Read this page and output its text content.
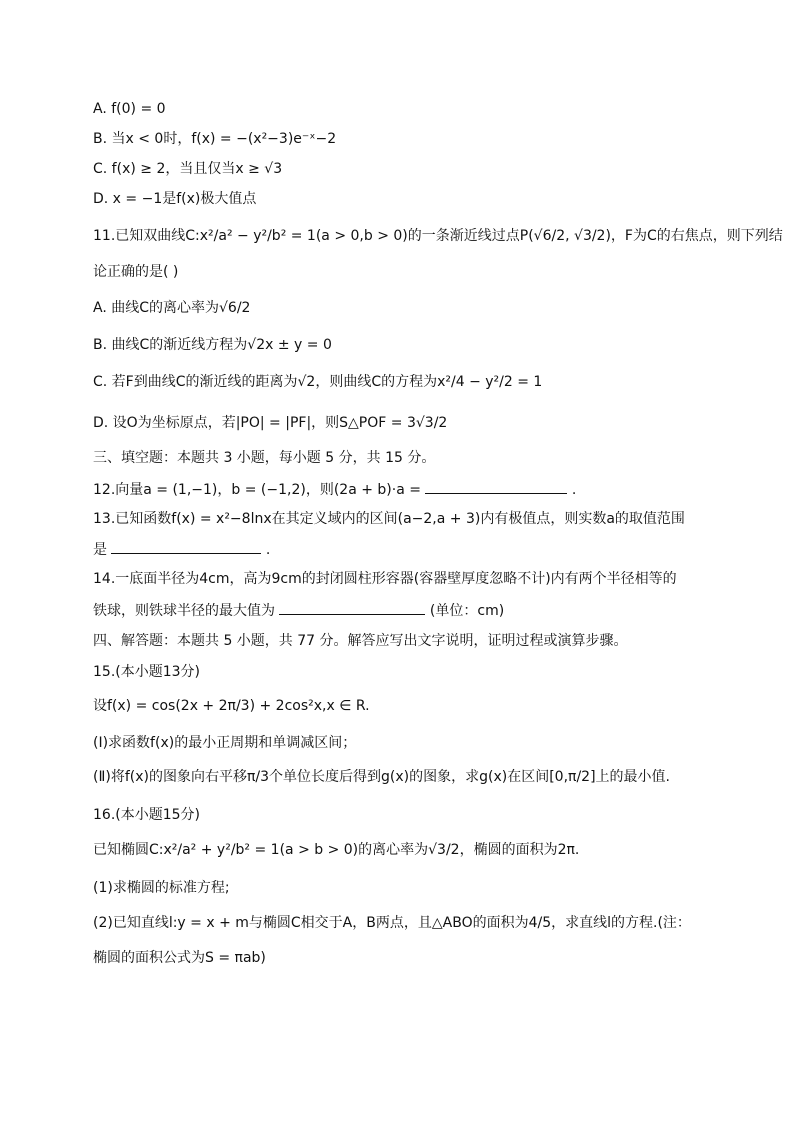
A. f(0) = 0
B. 当x < 0时，f(x) = −(x²−3)e⁻ˣ−2
C. f(x) ≥ 2，当且仅当x ≥ √3
D. x = −1是f(x)极大值点
11.已知双曲线C:x²/a² − y²/b² = 1(a > 0,b > 0)的一条渐近线过点P(√6/2, √3/2)，F为C的右焦点，则下列结
论正确的是( )
A. 曲线C的离心率为√6/2
B. 曲线C的渐近线方程为√2x ± y = 0
C. 若F到曲线C的渐近线的距离为√2，则曲线C的方程为x²/4 − y²/2 = 1
D. 设O为坐标原点，若|PO| = |PF|，则S△POF = 3√3/2
三、填空题：本题共 3 小题，每小题 5 分，共 15 分。
12.向量a = (1,−1)，b = (−1,2)，则(2a + b)·a =	.
13.已知函数f(x) = x²−8lnx在其定义域内的区间(a−2,a + 3)内有极值点，则实数a的取值范围
是	.
14.一底面半径为4cm，高为9cm的封闭圆柱形容器(容器壁厚度忽略不计)内有两个半径相等的
铁球，则铁球半径的最大值为	(单位：cm)
四、解答题：本题共 5 小题，共 77 分。解答应写出文字说明，证明过程或演算步骤。
15.(本小题13分)
设f(x) = cos(2x + 2π/3) + 2cos²x,x ∈ R.
(Ⅰ)求函数f(x)的最小正周期和单调减区间；
(Ⅱ)将f(x)的图象向右平移π/3个单位长度后得到g(x)的图象，求g(x)在区间[0,π/2]上的最小值.
16.(本小题15分)
已知椭圆C:x²/a² + y²/b² = 1(a > b > 0)的离心率为√3/2，椭圆的面积为2π.
(1)求椭圆的标准方程;
(2)已知直线l:y = x + m与椭圆C相交于A，B两点，且△ABO的面积为4/5，求直线l的方程.(注：
椭圆的面积公式为S = πab)
